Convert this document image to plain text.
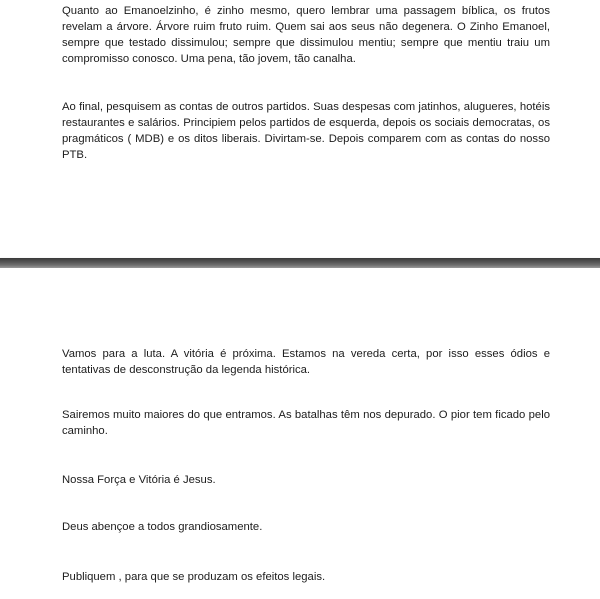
Quanto ao Emanoelzinho, é zinho mesmo, quero lembrar uma passagem bíblica, os frutos revelam a árvore. Árvore ruim fruto ruim. Quem sai aos seus não degenera. O Zinho Emanoel, sempre que testado dissimulou; sempre que dissimulou mentiu; sempre que mentiu traiu um compromisso conosco. Uma pena, tão jovem, tão canalha.

Ao final, pesquisem as contas de outros partidos. Suas despesas com jatinhos, alugueres, hotéis restaurantes e salários. Principiem pelos partidos de esquerda, depois os sociais democratas, os pragmáticos ( MDB) e os ditos liberais. Divirtam-se. Depois comparem com as contas do nosso PTB.

Vamos para a luta. A vitória é próxima. Estamos na vereda certa, por isso esses ódios e tentativas de desconstrução da legenda histórica.

Sairemos muito maiores do que entramos. As batalhas têm nos depurado. O pior tem ficado pelo caminho.

Nossa Força e Vitória é Jesus.

Deus abençoe a todos grandiosamente.

Publiquem , para que se produzam os efeitos legais.
